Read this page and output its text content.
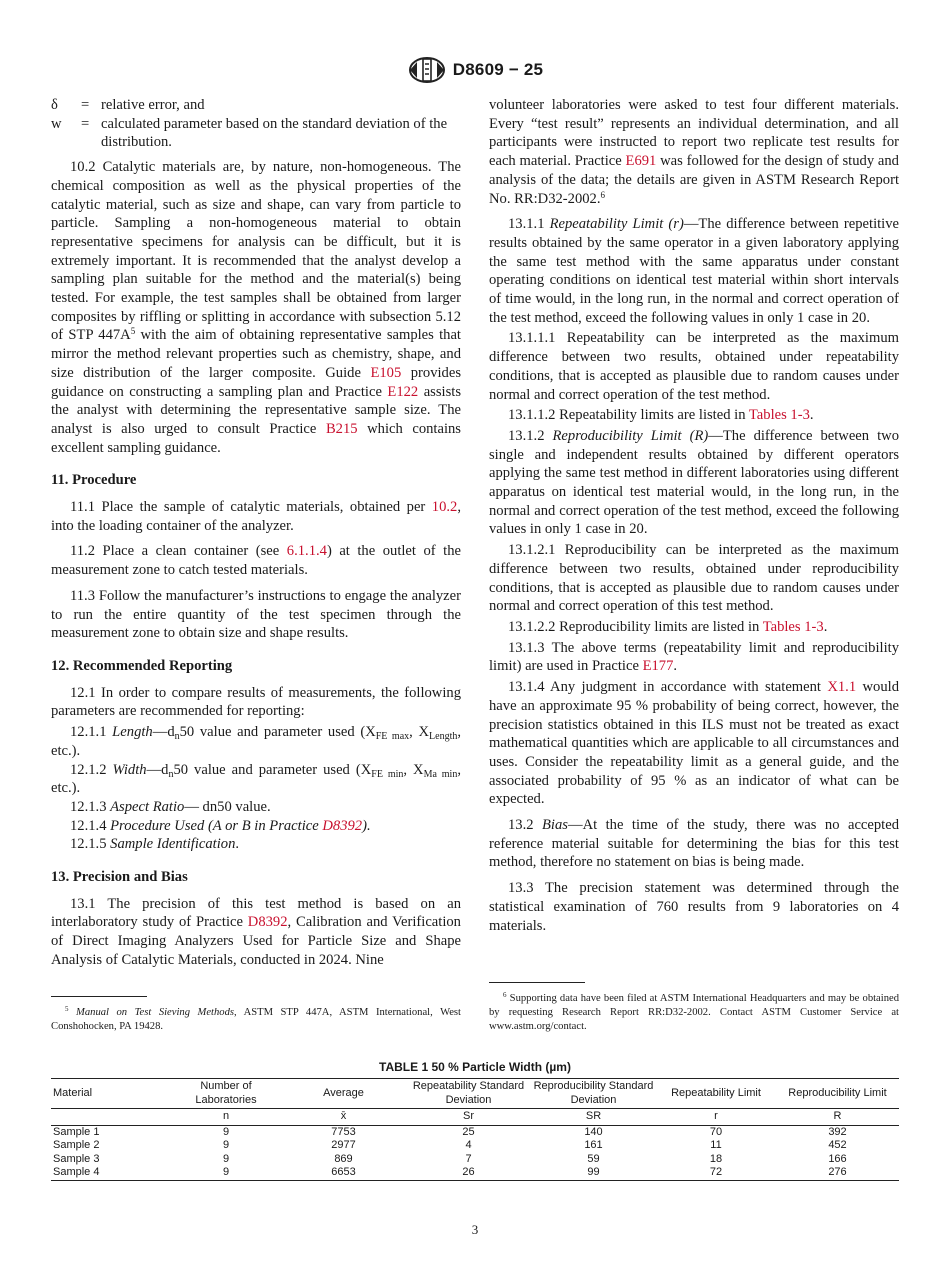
D8609 − 25
δ	= relative error, and
w	= calculated parameter based on the standard deviation of the distribution.

10.2 Catalytic materials are, by nature, non-homogeneous. The chemical composition as well as the physical properties of the catalytic material, such as size and shape, can vary from particle to particle. Sampling a non-homogeneous material to obtain representative specimens for analysis can be difficult, but it is extremely important. It is recommended that the analyst develop a sampling plan suitable for the method and the material(s) being tested. For example, the test samples shall be obtained from larger composites by riffling or splitting in accordance with subsection 5.12 of STP $447A^5$ with the aim of obtaining representative samples that mirror the method relevant properties such as chemistry, shape, and size distribution of the larger composite. Guide E105 provides guidance on constructing a sampling plan and Practice E122 assists the analyst with determining the representative sample size. The analyst is also urged to consult Practice B215 which contains excellent sampling guidance.

11. Procedure

11.1 Place the sample of catalytic materials, obtained per 10.2, into the loading container of the analyzer.

11.2 Place a clean container (see 6.1.1.4) at the outlet of the measurement zone to catch tested materials.

11.3 Follow the manufacturer’s instructions to engage the analyzer to run the entire quantity of the test specimen through the measurement zone to obtain size and shape results.

12. Recommended Reporting

12.1 In order to compare results of measurements, the following parameters are recommended for reporting:

12.1.1 $Length—d_n50$ value and parameter used ($X_{FE max}$, $X_{Length}$, etc.).

12.1.2 $Width—d_n50$ value and parameter used ($X_{FE min}$, $X_{Ma min}$, etc.).

12.1.3 Aspect Ratio— dn50 value.

12.1.4 Procedure Used (A or B in Practice D8392).

12.1.5 Sample Identification.

13. Precision and Bias

13.1 The precision of this test method is based on an interlaboratory study of Practice D8392, Calibration and Verification of Direct Imaging Analyzers Used for Particle Size and Shape Analysis of Catalytic Materials, conducted in 2024. Nine

$^5$ Manual on Test Sieving Methods, ASTM STP 447A, ASTM International, West Conshohocken, PA 19428.

volunteer laboratories were asked to test four different materials. Every “test result” represents an individual determination, and all participants were instructed to report two replicate test results for each material. Practice E691 was followed for the design of study and analysis of the data; the details are given in ASTM Research Report No. RR:D32-2002.$^6$

13.1.1 Repeatability Limit (r)—The difference between repetitive results obtained by the same operator in a given laboratory applying the same test method with the same apparatus under constant operating conditions on identical test material within short intervals of time would, in the long run, in the normal and correct operation of the test method, exceed the following values in only 1 case in 20.

13.1.1.1 Repeatability can be interpreted as the maximum difference between two results, obtained under repeatability conditions, that is accepted as plausible due to random causes under normal and correct operation of the test method.

13.1.1.2 Repeatability limits are listed in Tables 1-3.

13.1.2 Reproducibility Limit (R)—The difference between two single and independent results obtained by different operators applying the same test method in different laboratories using different apparatus on identical test material would, in the long run, in the normal and correct operation of the test method, exceed the following values in only 1 case in 20.

13.1.2.1 Reproducibility can be interpreted as the maximum difference between two results, obtained under reproducibility conditions, that is accepted as plausible due to random causes under normal and correct operation of this test method.

13.1.2.2 Reproducibility limits are listed in Tables 1-3.

13.1.3 The above terms (repeatability limit and reproducibility limit) are used in Practice E177.

13.1.4 Any judgment in accordance with statement X1.1 would have an approximate 95 % probability of being correct, however, the precision statistics obtained in this ILS must not be treated as exact mathematical quantities which are applicable to all circumstances and uses. Consider the repeatability limit as a general guide, and the associated probability of 95 % as an indicator of what can be expected.

13.2 Bias—At the time of the study, there was no accepted reference material suitable for determining the bias for this test method, therefore no statement on bias is being made.

13.3 The precision statement was determined through the statistical examination of 760 results from 9 laboratories on 4 materials.

$^6$ Supporting data have been filed at ASTM International Headquarters and may be obtained by requesting Research Report RR:D32-2002. Contact ASTM Customer Service at www.astm.org/contact.
TABLE 1 50 % Particle Width (µm)
Material	Number of Laboratories	Average	Repeatability Standard Deviation	Reproducibility Standard Deviation	Repeatability Limit	Reproducibility Limit
	n	x̄	Sr	SR	r	R
Sample 1	9	7753	25	140	70	392
Sample 2	9	2977	4	161	11	452
Sample 3	9	869	7	59	18	166
Sample 4	9	6653	26	99	72	276
3
